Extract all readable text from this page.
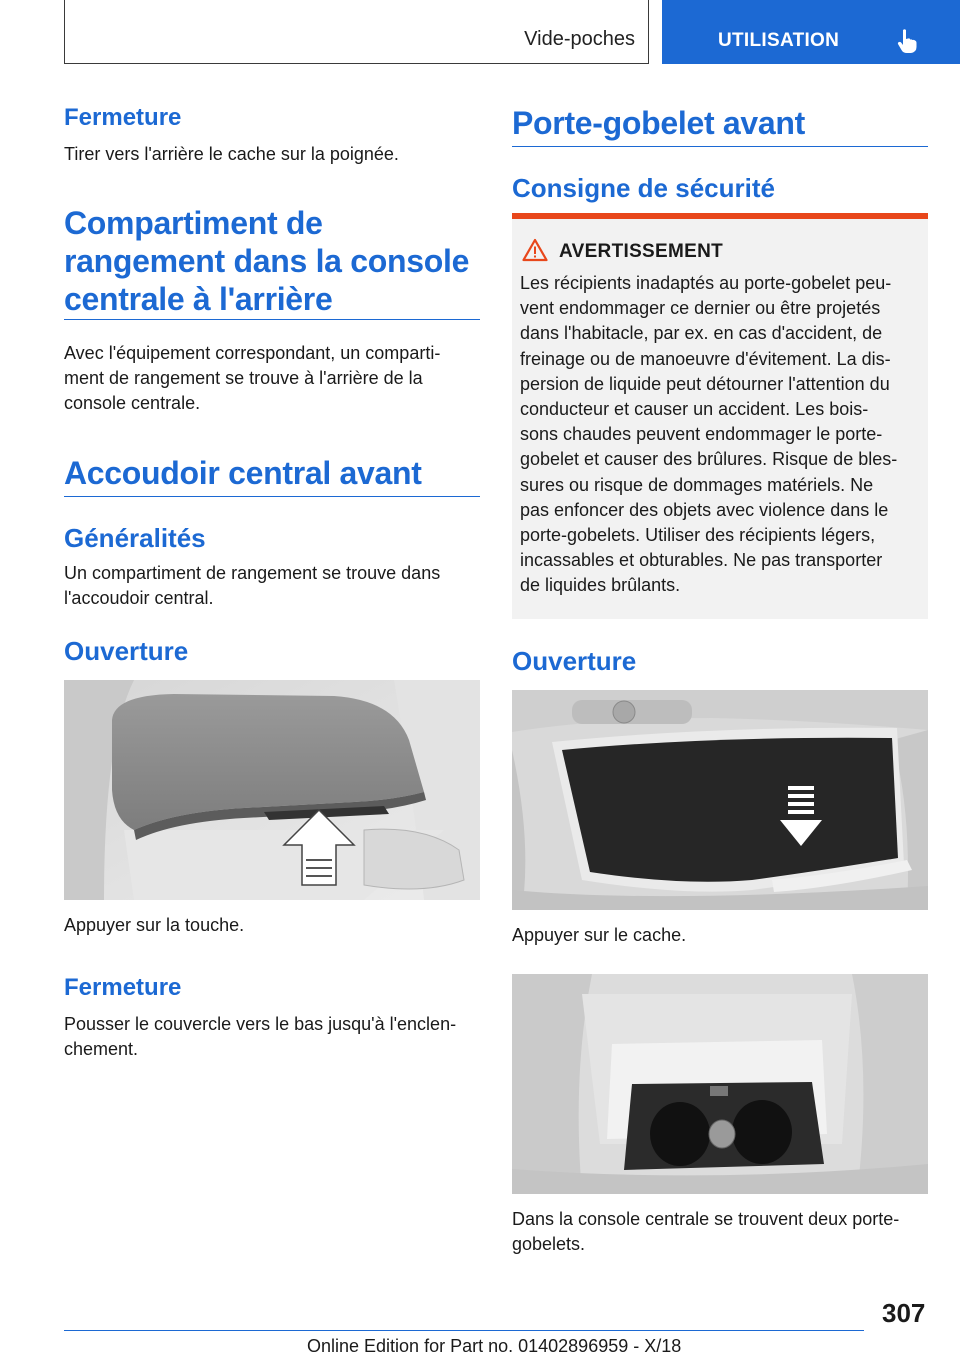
Vide-poches	UTILISATION
Fermeture
Tirer vers l'arrière le cache sur la poignée.
Compartiment de
rangement dans la console
centrale à l'arrière
Avec l'équipement correspondant, un comparti-
ment de rangement se trouve à l'arrière de la
console centrale.
Accoudoir central avant
Généralités
Un compartiment de rangement se trouve dans
l'accoudoir central.
Ouverture
Appuyer sur la touche.
Fermeture
Pousser le couvercle vers le bas jusqu'à l'enclen-
chement.
Porte-gobelet avant
Consigne de sécurité
AVERTISSEMENT
Les récipients inadaptés au porte-gobelet peu-
vent endommager ce dernier ou être projetés
dans l'habitacle, par ex. en cas d'accident, de
freinage ou de manoeuvre d'évitement. La dis-
persion de liquide peut détourner l'attention du
conducteur et causer un accident. Les bois-
sons chaudes peuvent endommager le porte-
gobelet et causer des brûlures. Risque de bles-
sures ou risque de dommages matériels. Ne
pas enfoncer des objets avec violence dans le
porte-gobelets. Utiliser des récipients légers,
incassables et obturables. Ne pas transporter
de liquides brûlants.
Ouverture
Appuyer sur le cache.
Dans la console centrale se trouvent deux porte-
gobelets.
307
Online Edition for Part no. 01402896959 - X/18
